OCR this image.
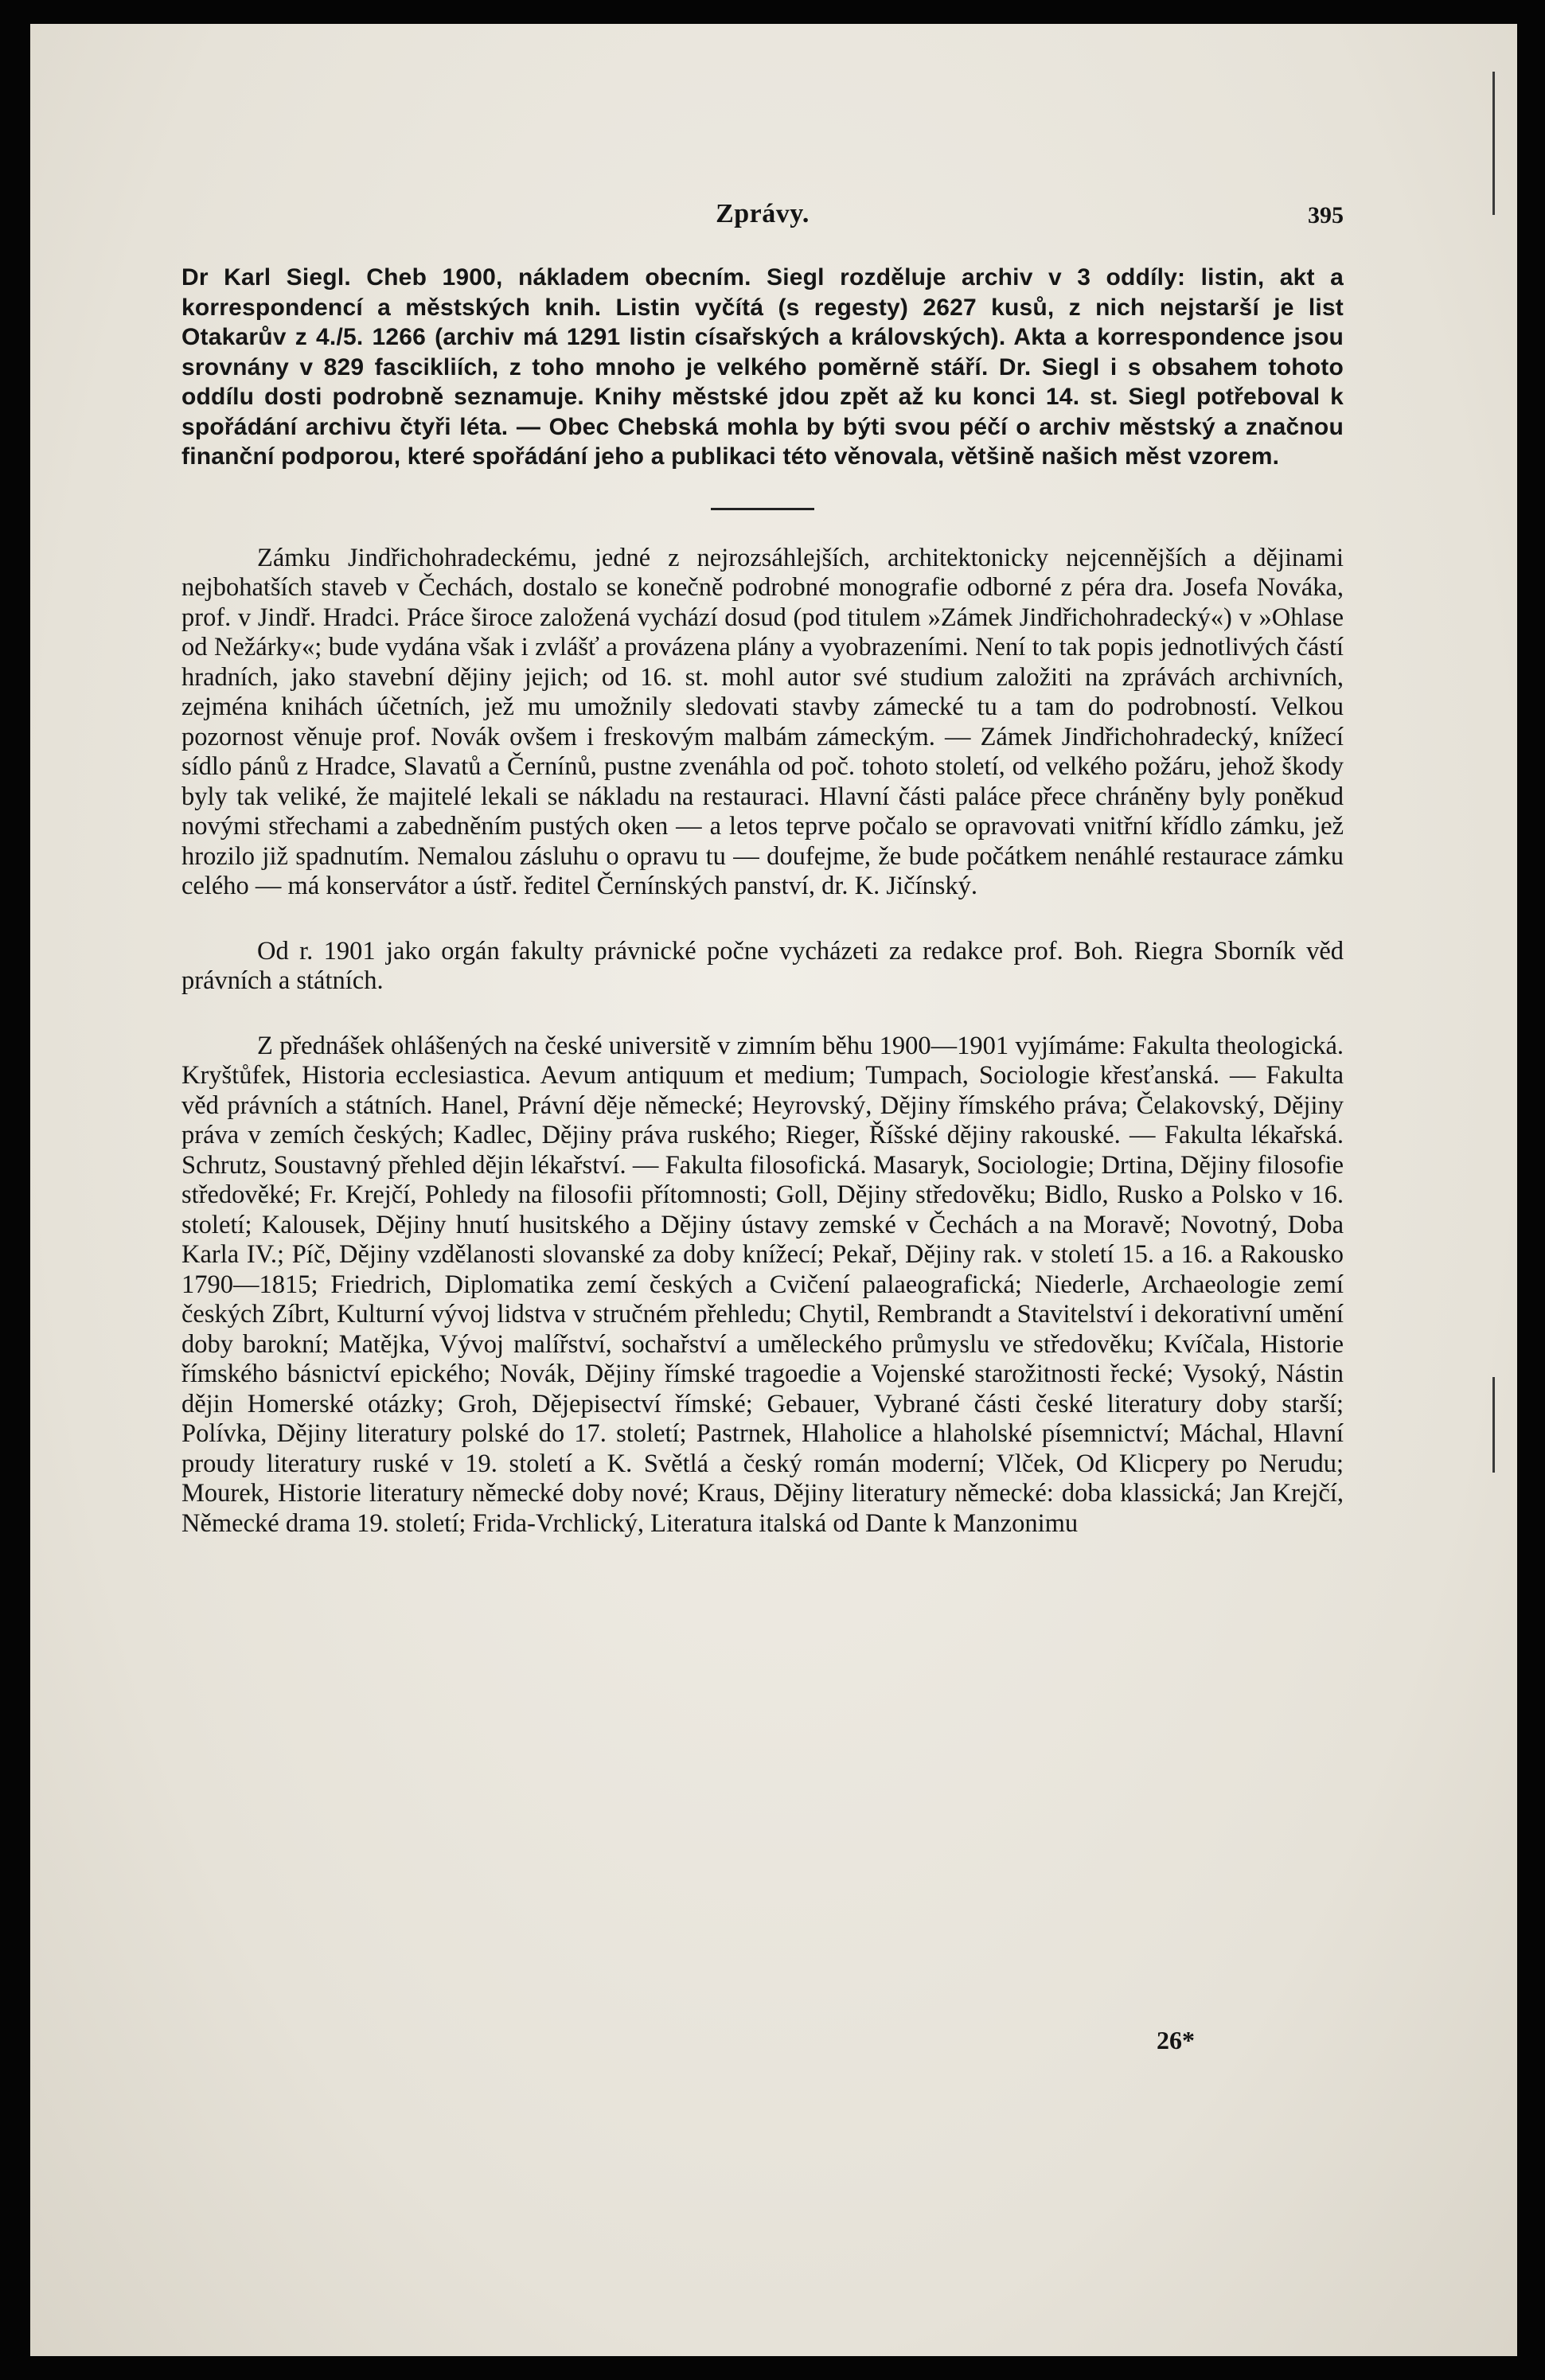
Zprávy.	395

Dr Karl Siegl. Cheb 1900, nákladem obecním. Siegl rozděluje archiv v 3 oddíly: listin, akt a korrespondencí a městských knih. Listin vyčítá (s regesty) 2627 kusů, z nich nejstarší je list Otakarův z 4./5. 1266 (archiv má 1291 listin císařských a královských). Akta a korrespondence jsou srovnány v 829 fascikliích, z toho mnoho je velkého poměrně stáří. Dr. Siegl i s obsahem tohoto oddílu dosti podrobně seznamuje. Knihy městské jdou zpět až ku konci 14. st. Siegl potřeboval k spořádání archivu čtyři léta. — Obec Chebská mohla by býti svou péčí o archiv městský a značnou finanční podporou, které spořádání jeho a publikaci této věnovala, většině našich měst vzorem.

Zámku Jindřichohradeckému, jedné z nejrozsáhlejších, architektonicky nejcennějších a dějinami nejbohatších staveb v Čechách, dostalo se konečně podrobné monografie odborné z péra dra. Josefa Nováka, prof. v Jindř. Hradci. Práce široce založená vychází dosud (pod titulem »Zámek Jindřichohradecký«) v »Ohlase od Nežárky«; bude vydána však i zvlášť a provázena plány a vyobrazeními. Není to tak popis jednotlivých částí hradních, jako stavební dějiny jejich; od 16. st. mohl autor své studium založiti na zprávách archivních, zejména knihách účetních, jež mu umožnily sledovati stavby zámecké tu a tam do podrobností. Velkou pozornost věnuje prof. Novák ovšem i freskovým malbám zámeckým. — Zámek Jindřichohradecký, knížecí sídlo pánů z Hradce, Slavatů a Černínů, pustne zvenáhla od poč. tohoto století, od velkého požáru, jehož škody byly tak veliké, že majitelé lekali se nákladu na restauraci. Hlavní části paláce přece chráněny byly poněkud novými střechami a zabedněním pustých oken — a letos teprve počalo se opravovati vnitřní křídlo zámku, jež hrozilo již spadnutím. Nemalou zásluhu o opravu tu — doufejme, že bude počátkem nenáhlé restaurace zámku celého — má konservátor a ústř. ředitel Černínských panství, dr. K. Jičínský.

Od r. 1901 jako orgán fakulty právnické počne vycházeti za redakce prof. Boh. Riegra Sborník věd právních a státních.

Z přednášek ohlášených na české universitě v zimním běhu 1900—1901 vyjímáme: Fakulta theologická. Kryštůfek, Historia ecclesiastica. Aevum antiquum et medium; Tumpach, Sociologie křesťanská. — Fakulta věd právních a státních. Hanel, Právní děje německé; Heyrovský, Dějiny římského práva; Čelakovský, Dějiny práva v zemích českých; Kadlec, Dějiny práva ruského; Rieger, Říšské dějiny rakouské. — Fakulta lékařská. Schrutz, Soustavný přehled dějin lékařství. — Fakulta filosofická. Masaryk, Sociologie; Drtina, Dějiny filosofie středověké; Fr. Krejčí, Pohledy na filosofii přítomnosti; Goll, Dějiny středověku; Bidlo, Rusko a Polsko v 16. století; Kalousek, Dějiny hnutí husitského a Dějiny ústavy zemské v Čechách a na Moravě; Novotný, Doba Karla IV.; Píč, Dějiny vzdělanosti slovanské za doby knížecí; Pekař, Dějiny rak. v století 15. a 16. a Rakousko 1790—1815; Friedrich, Diplomatika zemí českých a Cvičení palaeografická; Niederle, Archaeologie zemí českých Zíbrt, Kulturní vývoj lidstva v stručném přehledu; Chytil, Rembrandt a Stavitelství i dekorativní umění doby barokní; Matějka, Vývoj malířství, sochařství a uměleckého průmyslu ve středověku; Kvíčala, Historie římského básnictví epického; Novák, Dějiny římské tragoedie a Vojenské starožitnosti řecké; Vysoký, Nástin dějin Homerské otázky; Groh, Dějepisectví římské; Gebauer, Vybrané části české literatury doby starší; Polívka, Dějiny literatury polské do 17. století; Pastrnek, Hlaholice a hlaholské písemnictví; Máchal, Hlavní proudy literatury ruské v 19. století a K. Světlá a český román moderní; Vlček, Od Klicpery po Nerudu; Mourek, Historie literatury německé doby nové; Kraus, Dějiny literatury německé: doba klassická; Jan Krejčí, Německé drama 19. století; Frida-Vrchlický, Literatura italská od Dante k Manzonimu

26*
